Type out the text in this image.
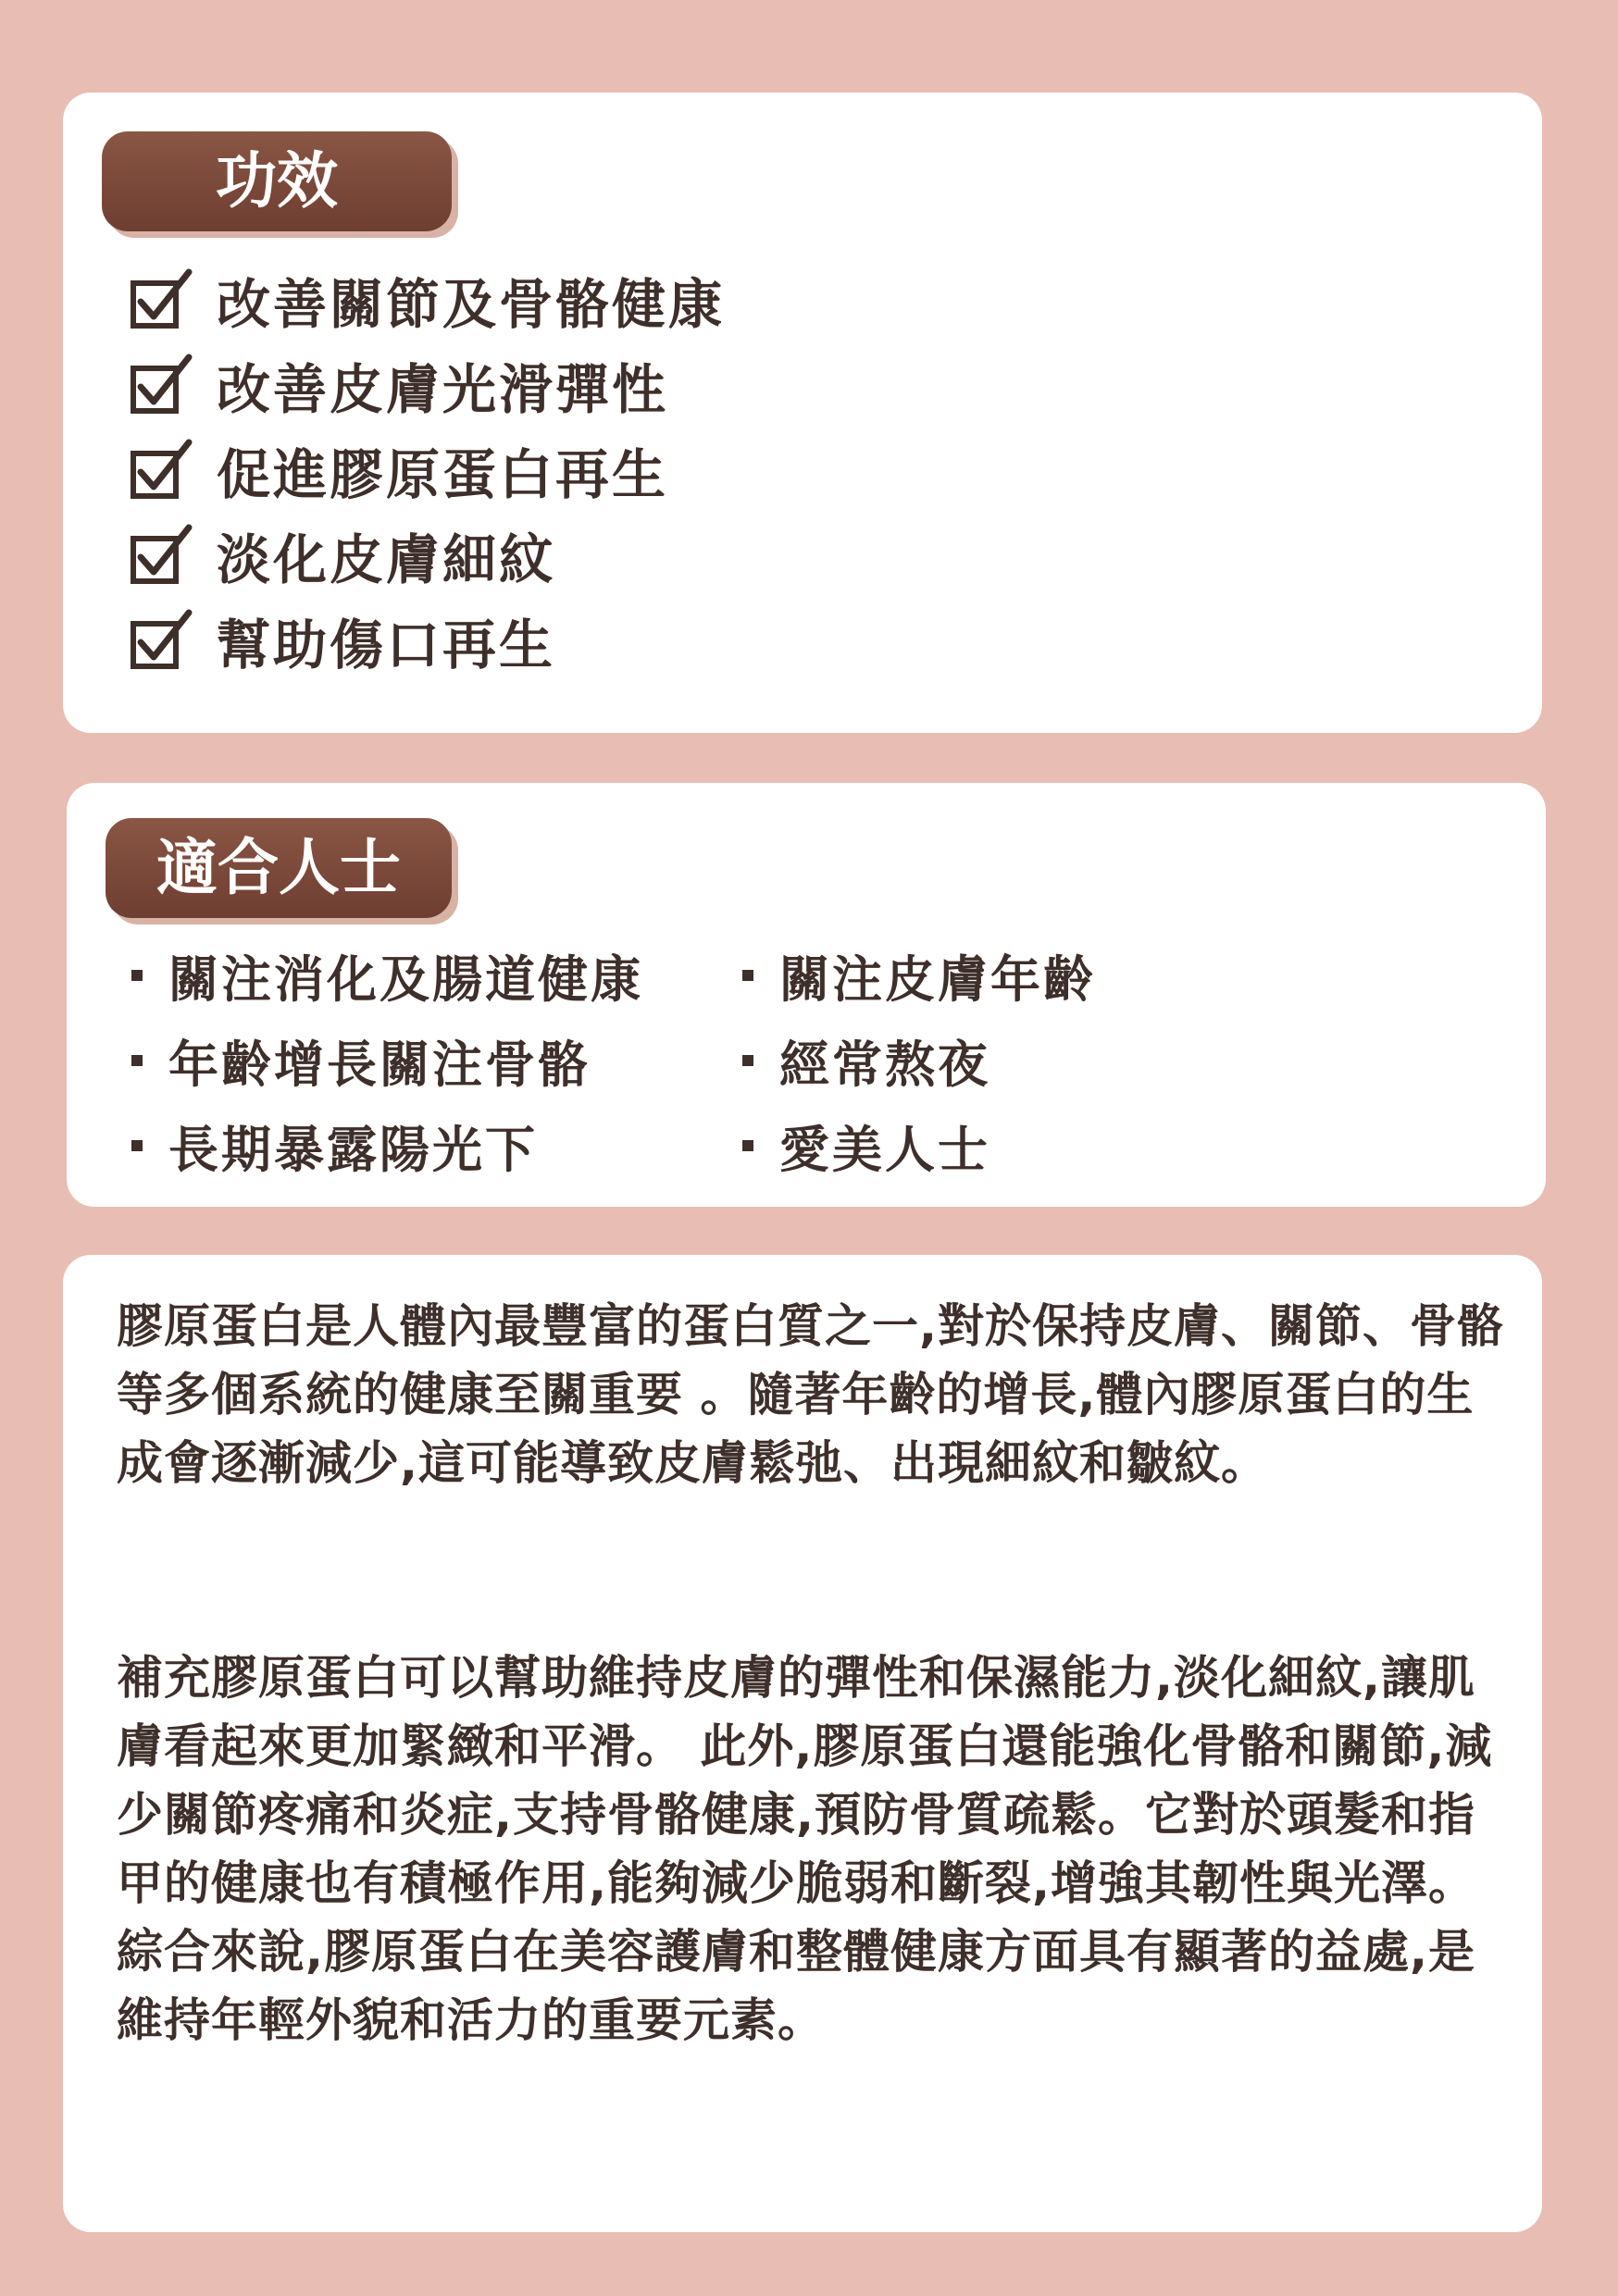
功效
改善關節及骨骼健康
改善皮膚光滑彈性
促進膠原蛋白再生
淡化皮膚細紋
幫助傷口再生
適合人士
關注消化及腸道健康	關注皮膚年齡
年齡增長關注骨骼	經常熬夜
長期暴露陽光下	愛美人士

膠原蛋白是人體內最豐富的蛋白質之一,對於保持皮膚、關節、骨骼等多個系統的健康至關重要 。隨著年齡的增長,體內膠原蛋白的生成會逐漸減少,這可能導致皮膚鬆弛、出現細紋和皺紋。

補充膠原蛋白可以幫助維持皮膚的彈性和保濕能力,淡化細紋,讓肌膚看起來更加緊緻和平滑。 此外,膠原蛋白還能強化骨骼和關節,減少關節疼痛和炎症,支持骨骼健康,預防骨質疏鬆。它對於頭髮和指甲的健康也有積極作用,能夠減少脆弱和斷裂,增強其韌性與光澤。綜合來說,膠原蛋白在美容護膚和整體健康方面具有顯著的益處,是維持年輕外貌和活力的重要元素。
